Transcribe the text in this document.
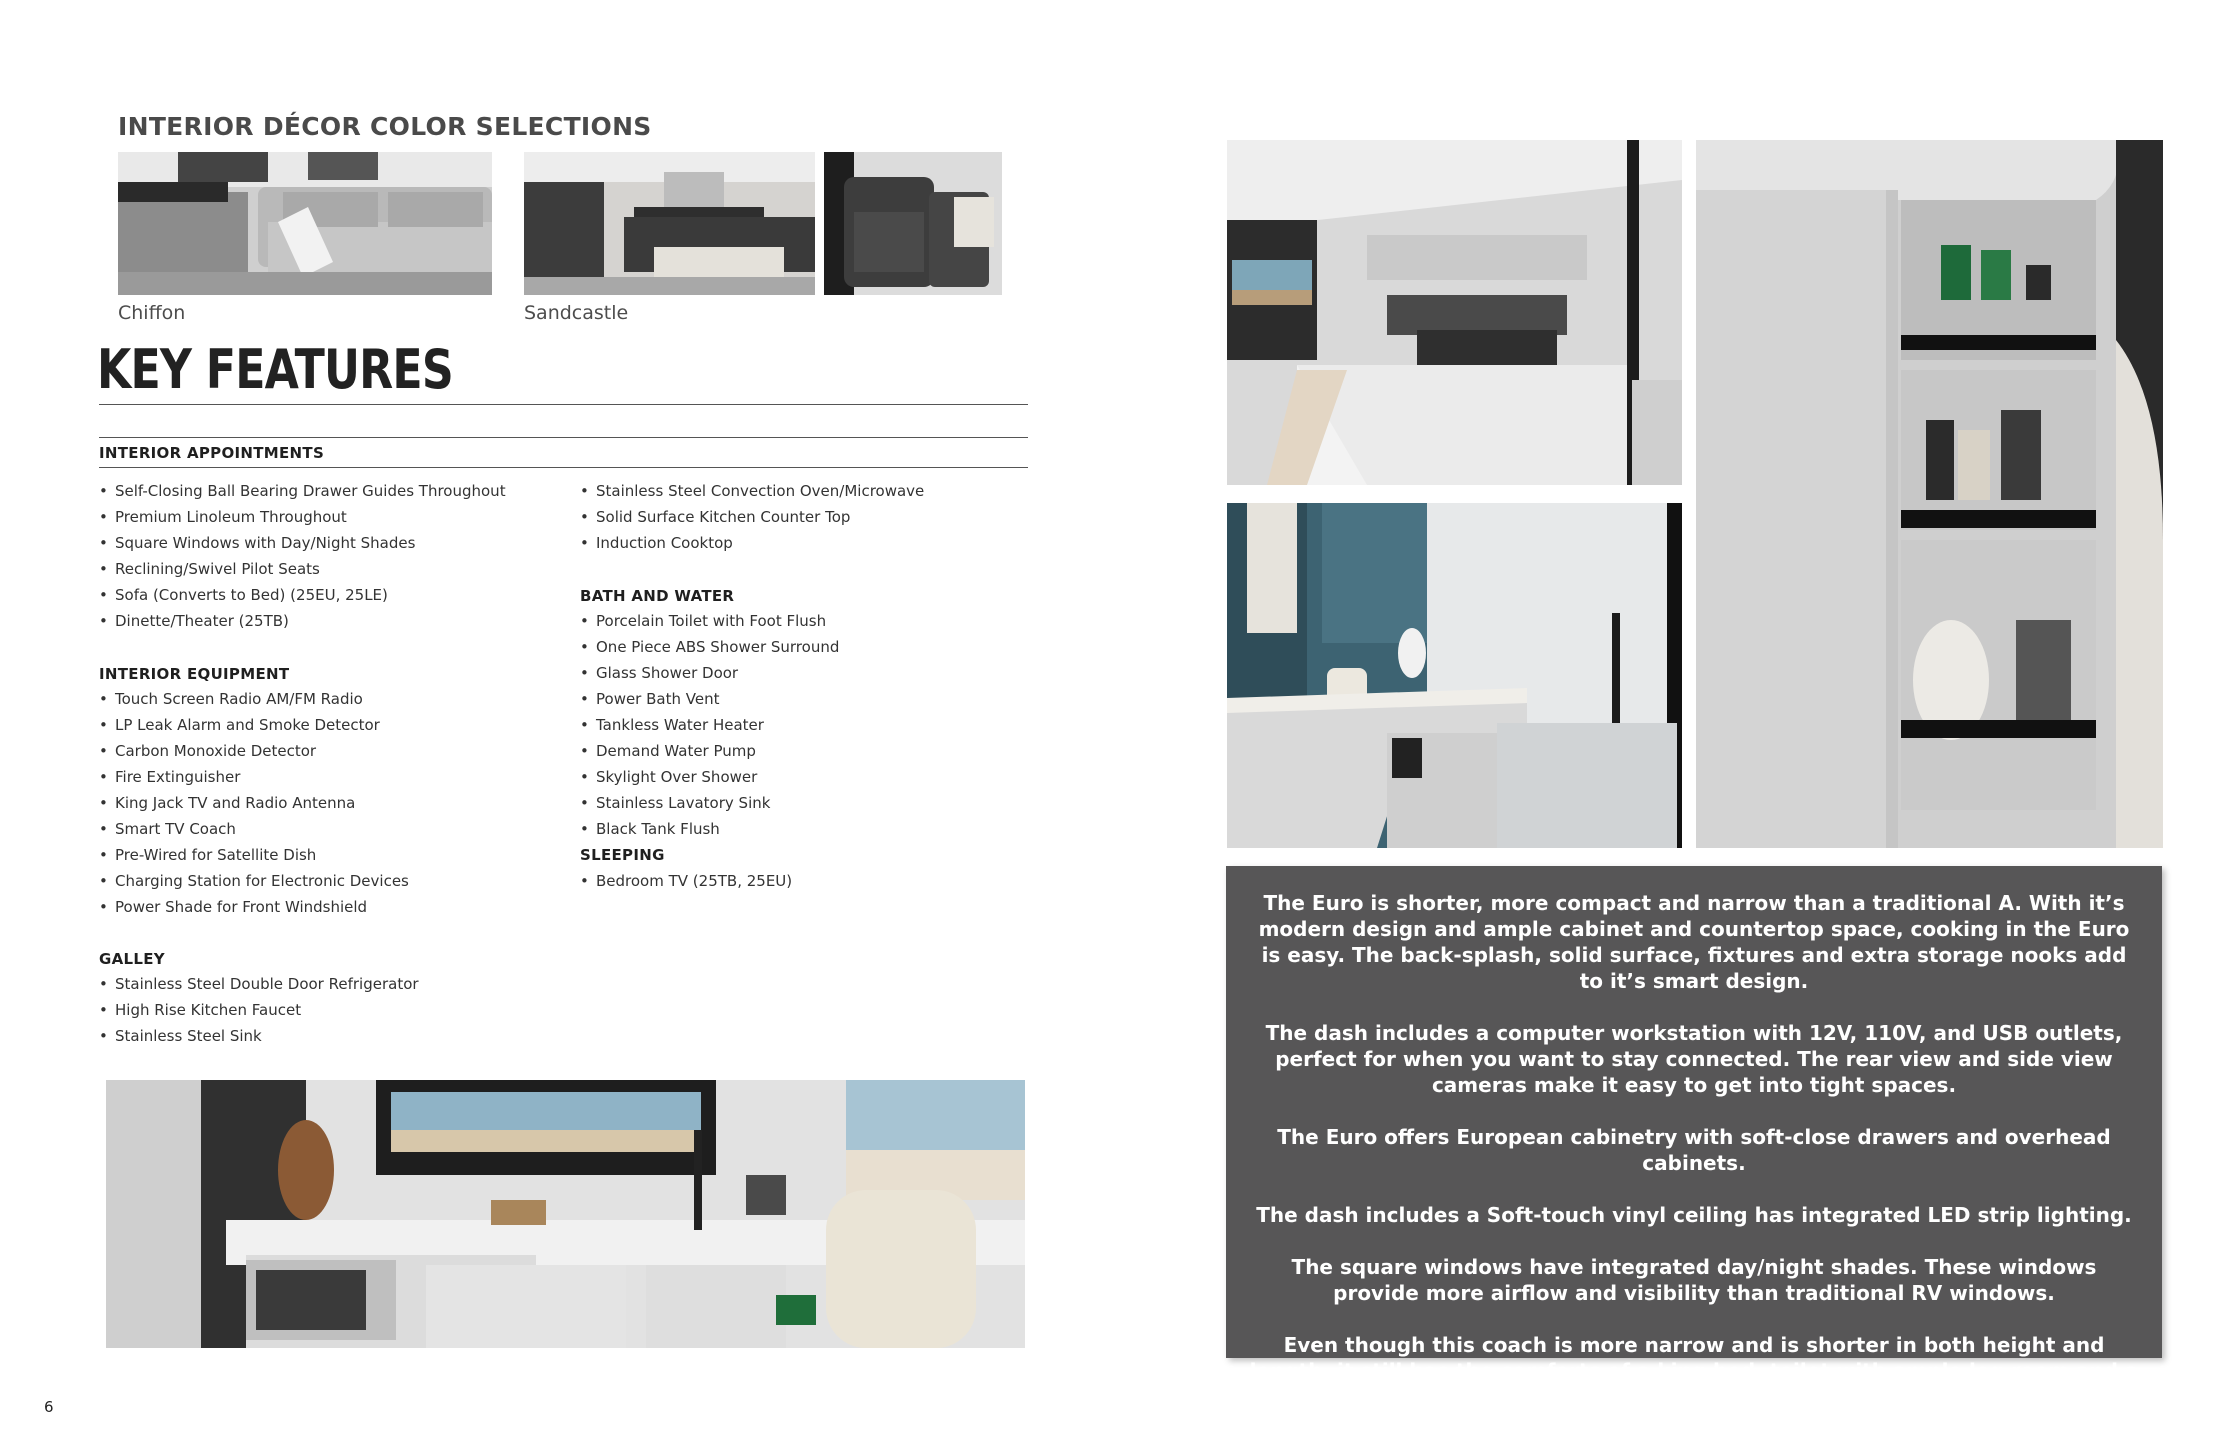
INTERIOR DÉCOR COLOR SELECTIONS
Chiffon	Sandcastle
KEY FEATURES
INTERIOR APPOINTMENTS
• Self-Closing Ball Bearing Drawer Guides Throughout
• Premium Linoleum Throughout
• Square Windows with Day/Night Shades
• Reclining/Swivel Pilot Seats
• Sofa (Converts to Bed) (25EU, 25LE)
• Dinette/Theater (25TB)
INTERIOR EQUIPMENT
• Touch Screen Radio AM/FM Radio
• LP Leak Alarm and Smoke Detector
• Carbon Monoxide Detector
• Fire Extinguisher
• King Jack TV and Radio Antenna
• Smart TV Coach
• Pre-Wired for Satellite Dish
• Charging Station for Electronic Devices
• Power Shade for Front Windshield
GALLEY
• Stainless Steel Double Door Refrigerator
• High Rise Kitchen Faucet
• Stainless Steel Sink
• Stainless Steel Convection Oven/Microwave
• Solid Surface Kitchen Counter Top
• Induction Cooktop
BATH AND WATER
• Porcelain Toilet with Foot Flush
• One Piece ABS Shower Surround
• Glass Shower Door
• Power Bath Vent
• Tankless Water Heater
• Demand Water Pump
• Skylight Over Shower
• Stainless Lavatory Sink
• Black Tank Flush
SLEEPING
• Bedroom TV (25TB, 25EU)

The Euro is shorter, more compact and narrow than a traditional A. With it’s modern design and ample cabinet and countertop space, cooking in the Euro is easy. The back-splash, solid surface, fixtures and extra storage nooks add to it’s smart design.

The dash includes a computer workstation with 12V, 110V, and USB outlets, perfect for when you want to stay connected. The rear view and side view cameras make it easy to get into tight spaces.

The Euro offers European cabinetry with soft-close drawers and overhead cabinets.

The dash includes a Soft-touch vinyl ceiling has integrated LED strip lighting.

The square windows have integrated day/night shades. These windows provide more airflow and visibility than traditional RV windows.

Even though this coach is more narrow and is shorter in both height and length, it still has the comforts of a king bed, toilet with ample leg room and a large shower.

6
